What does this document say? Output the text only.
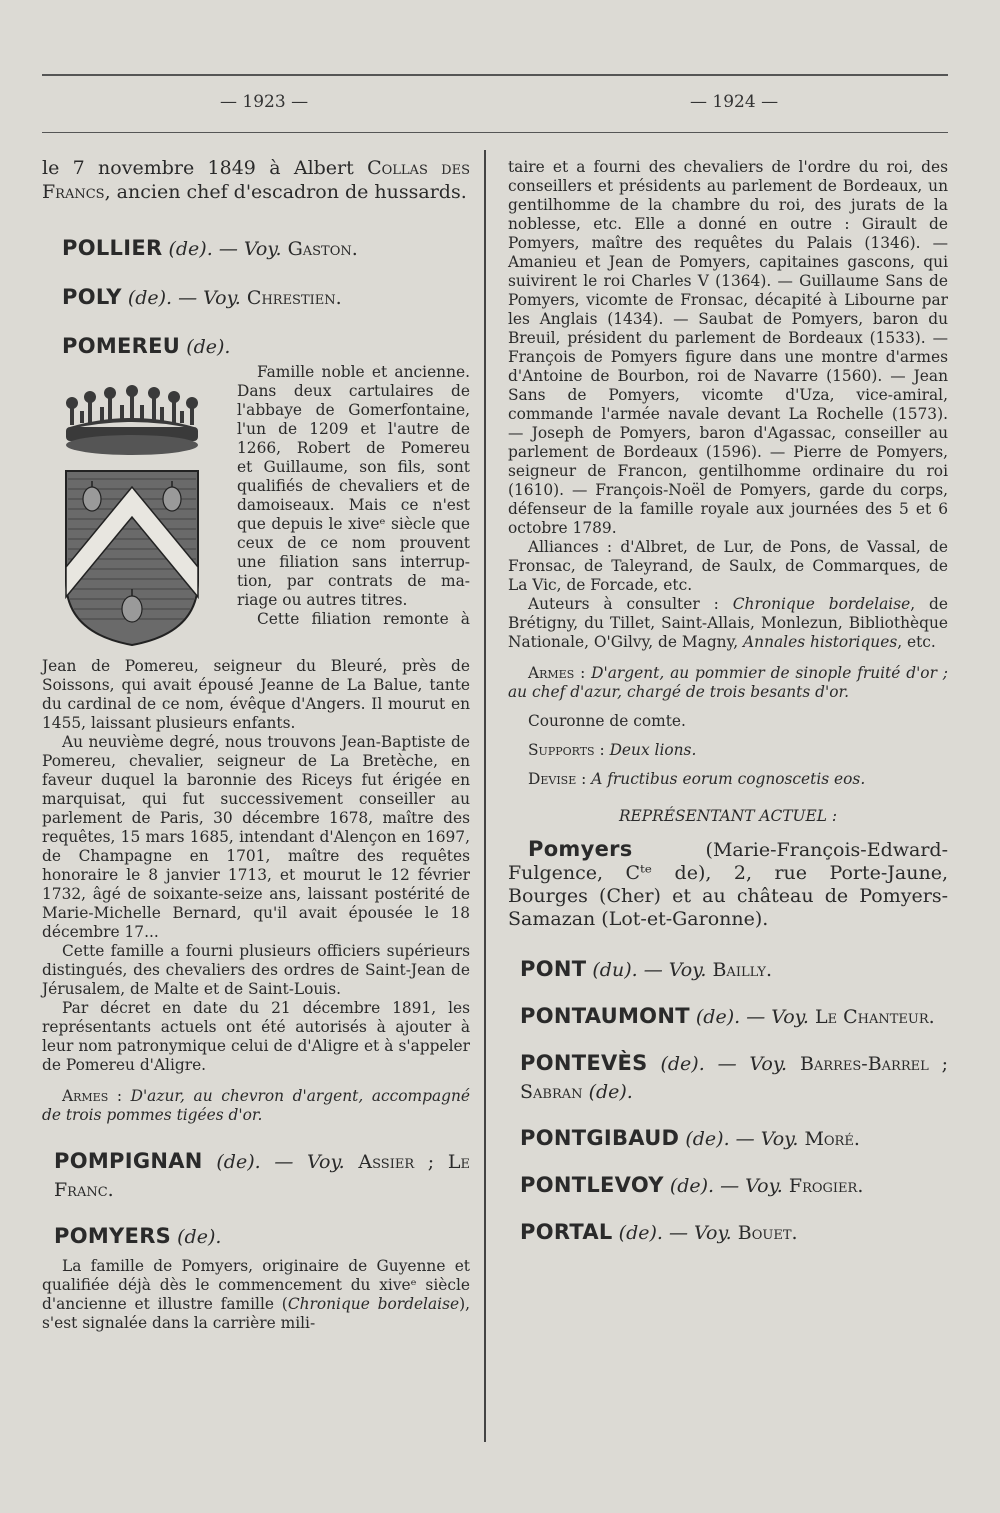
— 1923 —	— 1924 —

le 7 novembre 1849 à Albert Collas des Francs, ancien chef d'escadron de hussards.

POLLIER (de). — Voy. Gaston.

POLY (de). — Voy. Chrestien.

POMEREU (de).

Famille noble et ancienne.
Dans deux cartulaires de
l'abbaye de Gomerfontaine,
l'un de 1209 et l'autre de
1266, Robert de Pomereu
et Guillaume, son fils, sont
qualifiés de chevaliers et de
damoiseaux. Mais ce n'est
que depuis le xiveᵉ siècle que
ceux de ce nom prouvent
une filiation sans interrup-
tion, par contrats de ma-
riage ou autres titres.
Cette filiation remonte à

Jean de Pomereu, seigneur du Bleuré, près de Soissons, qui avait épousé Jeanne de La Balue, tante du cardinal de ce nom, évêque d'Angers. Il mourut en 1455, laissant plusieurs enfants.

Au neuvième degré, nous trouvons Jean-Baptiste de Pomereu, chevalier, seigneur de La Bretèche, en faveur duquel la baronnie des Riceys fut érigée en marquisat, qui fut successivement conseiller au parlement de Paris, 30 décembre 1678, maître des requêtes, 15 mars 1685, intendant d'Alençon en 1697, de Champagne en 1701, maître des requêtes honoraire le 8 janvier 1713, et mourut le 12 février 1732, âgé de soixante-seize ans, laissant postérité de Marie-Michelle Bernard, qu'il avait épousée le 18 décembre 17...

Cette famille a fourni plusieurs officiers supérieurs distingués, des chevaliers des ordres de Saint-Jean de Jérusalem, de Malte et de Saint-Louis.

Par décret en date du 21 décembre 1891, les représentants actuels ont été autorisés à ajouter à leur nom patronymique celui de d'Aligre et à s'appeler de Pomereu d'Aligre.

Armes : D'azur, au chevron d'argent, accompagné de trois pommes tigées d'or.

POMPIGNAN (de). — Voy. Assier ; Le Franc.

POMYERS (de).

La famille de Pomyers, originaire de Guyenne et qualifiée déjà dès le commencement du xiveᵉ siècle d'ancienne et illustre famille (Chronique bordelaise), s'est signalée dans la carrière mili-

taire et a fourni des chevaliers de l'ordre du roi, des conseillers et présidents au parlement de Bordeaux, un gentilhomme de la chambre du roi, des jurats de la noblesse, etc. Elle a donné en outre : Girault de Pomyers, maître des requêtes du Palais (1346). — Amanieu et Jean de Pomyers, capitaines gascons, qui suivirent le roi Charles V (1364). — Guillaume Sans de Pomyers, vicomte de Fronsac, décapité à Libourne par les Anglais (1434). — Saubat de Pomyers, baron du Breuil, président du parlement de Bordeaux (1533). — François de Pomyers figure dans une montre d'armes d'Antoine de Bourbon, roi de Navarre (1560). — Jean Sans de Pomyers, vicomte d'Uza, vice-amiral, commande l'armée navale devant La Rochelle (1573). — Joseph de Pomyers, baron d'Agassac, conseiller au parlement de Bordeaux (1596). — Pierre de Pomyers, seigneur de Francon, gentilhomme ordinaire du roi (1610). — François-Noël de Pomyers, garde du corps, défenseur de la famille royale aux journées des 5 et 6 octobre 1789.

Alliances : d'Albret, de Lur, de Pons, de Vassal, de Fronsac, de Taleyrand, de Saulx, de Commarques, de La Vic, de Forcade, etc.

Auteurs à consulter : Chronique bordelaise, de Brétigny, du Tillet, Saint-Allais, Monlezun, Bibliothèque Nationale, O'Gilvy, de Magny, Annales historiques, etc.

Armes : D'argent, au pommier de sinople fruité d'or ; au chef d'azur, chargé de trois besants d'or.

Couronne de comte.

Supports : Deux lions.

Devise : A fructibus eorum cognoscetis eos.

REPRÉSENTANT ACTUEL :

Pomyers	(Marie-François-Edward-Fulgence, Cᵗᵉ de), 2, rue Porte-Jaune, Bourges (Cher) et au château de Pomyers-Samazan (Lot-et-Garonne).

PONT (du). — Voy. Bailly.

PONTAUMONT (de). — Voy. Le Chanteur.

PONTEVÈS (de). — Voy. Barres-Barrel ; Sabran (de).

PONTGIBAUD (de). — Voy. Moré.

PONTLEVOY (de). — Voy. Frogier.

PORTAL (de). — Voy. Bouet.
